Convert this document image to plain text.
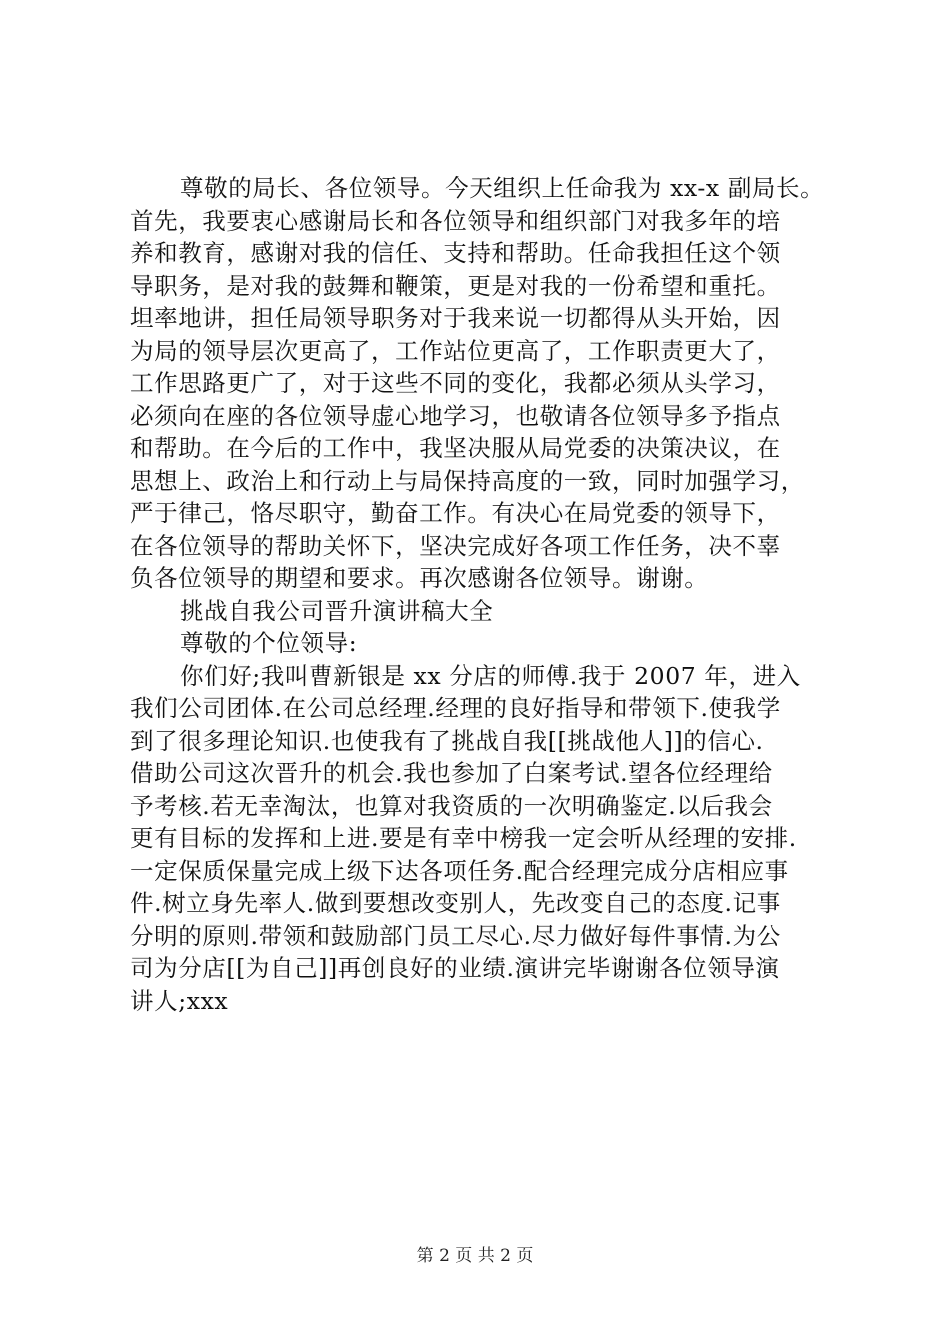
尊敬的局长、各位领导。今天组织上任命我为 xx-x 副局长。
首先，我要衷心感谢局长和各位领导和组织部门对我多年的培
养和教育，感谢对我的信任、支持和帮助。任命我担任这个领
导职务，是对我的鼓舞和鞭策，更是对我的一份希望和重托。
坦率地讲，担任局领导职务对于我来说一切都得从头开始，因
为局的领导层次更高了，工作站位更高了，工作职责更大了，
工作思路更广了，对于这些不同的变化，我都必须从头学习，
必须向在座的各位领导虚心地学习，也敬请各位领导多予指点
和帮助。在今后的工作中，我坚决服从局党委的决策决议，在
思想上、政治上和行动上与局保持高度的一致，同时加强学习，
严于律己，恪尽职守，勤奋工作。有决心在局党委的领导下，
在各位领导的帮助关怀下，坚决完成好各项工作任务，决不辜
负各位领导的期望和要求。再次感谢各位领导。谢谢。
挑战自我公司晋升演讲稿大全
尊敬的个位领导:
你们好;我叫曹新银是 xx 分店的师傅.我于 2007 年，进入
我们公司团体.在公司总经理.经理的良好指导和带领下.使我学
到了很多理论知识.也使我有了挑战自我[[挑战他人]]的信心.
借助公司这次晋升的机会.我也参加了白案考试.望各位经理给
予考核.若无幸淘汰，也算对我资质的一次明确鉴定.以后我会
更有目标的发挥和上进.要是有幸中榜我一定会听从经理的安排.
一定保质保量完成上级下达各项任务.配合经理完成分店相应事
件.树立身先率人.做到要想改变别人，先改变自己的态度.记事
分明的原则.带领和鼓励部门员工尽心.尽力做好每件事情.为公
司为分店[[为自己]]再创良好的业绩.演讲完毕谢谢各位领导演
讲人;xxx
第 2 页 共 2 页
